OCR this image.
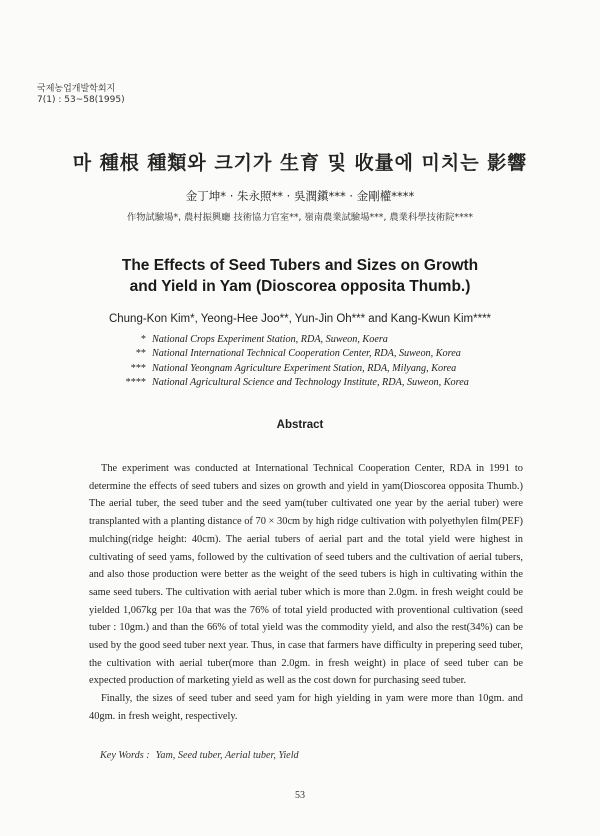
국제농업개발학회지
7(1) : 53~58(1995)
마 種根 種類와 크기가 生育 및 收量에 미치는 影響
金丁坤* · 朱永照** · 吳潤鎭*** · 金剛權****
作物試驗場*, 農村振興廳 技術協力官室**, 嶺南農業試驗場***, 農業科學技術院****
The Effects of Seed Tubers and Sizes on Growth
and Yield in Yam (Dioscorea opposita Thumb.)
Chung-Kon Kim*, Yeong-Hee Joo**, Yun-Jin Oh*** and Kang-Kwun Kim****
* National Crops Experiment Station, RDA, Suweon, Koera
** National International Technical Cooperation Center, RDA, Suweon, Korea
*** National Yeongnam Agriculture Experiment Station, RDA, Milyang, Korea
**** National Agricultural Science and Technology Institute, RDA, Suweon, Korea
Abstract

The experiment was conducted at International Technical Cooperation Center, RDA in 1991 to determine the effects of seed tubers and sizes on growth and yield in yam(Dioscorea opposita Thumb.) The aerial tuber, the seed tuber and the seed yam(tuber cultivated one year by the aerial tuber) were transplanted with a planting distance of 70 × 30cm by high ridge cultivation with polyethylen film(PEF) mulching(ridge height: 40cm). The aerial tubers of aerial part and the total yield were highest in cultivating of seed yams, followed by the cultivation of seed tubers and the cultivation of aerial tubers, and also those production were better as the weight of the seed tubers is high in cultivating within the same seed tubers. The cultivation with aerial tuber which is more than 2.0gm. in fresh weight could be yielded 1,067kg per 10a that was the 76% of total yield producted with proventional cultivation (seed tuber : 10gm.) and than the 66% of total yield was the commodity yield, and also the rest(34%) can be used by the good seed tuber next year. Thus, in case that farmers have difficulty in prepering seed tuber, the cultivation with aerial tuber(more than 2.0gm. in fresh weight) in place of seed tuber can be expected production of marketing yield as well as the cost down for purchasing seed tuber.

Finally, the sizes of seed tuber and seed yam for high yielding in yam were more than 10gm. and 40gm. in fresh weight, respectively.

Key Words : Yam, Seed tuber, Aerial tuber, Yield
53
